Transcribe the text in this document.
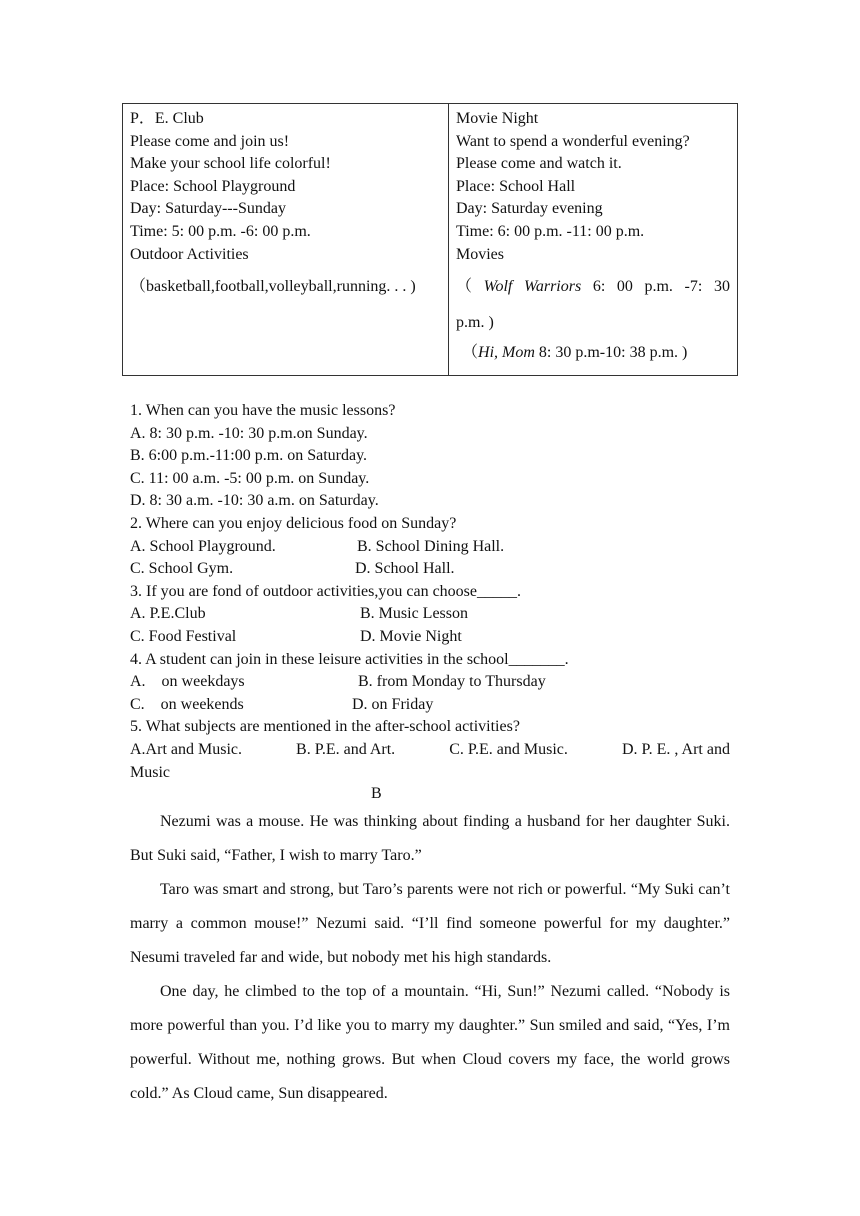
P．E. Club
Please come and join us!
Make your school life colorful!
Place: School Playground
Day: Saturday---Sunday
Time: 5: 00 p.m. -6: 00 p.m.
Outdoor Activities
（basketball,football,volleyball,running. . . )

Movie Night
Want to spend a wonderful evening?
Please come and watch it.
Place: School Hall
Day: Saturday evening
Time: 6: 00 p.m. -11: 00 p.m.
Movies
（ Wolf Warriors 6: 00 p.m. -7: 30
p.m. )
（Hi, Mom 8: 30 p.m-10: 38 p.m. )
1. When can you have the music lessons?
A. 8: 30 p.m. -10: 30 p.m.on Sunday.
B. 6:00 p.m.-11:00 p.m. on Saturday.
C. 11: 00 a.m. -5: 00 p.m. on Sunday.
D. 8: 30 a.m. -10: 30 a.m. on Saturday.
2. Where can you enjoy delicious food on Sunday?
A. School Playground.	B. School Dining Hall.
C. School Gym.	D. School Hall.
3. If you are fond of outdoor activities,you can choose_____.
A. P.E.Club	B. Music Lesson
C. Food Festival	D. Movie Night
4. A student can join in these leisure activities in the school_______.
A.　on weekdays	B. from Monday to Thursday
C.　on weekends	D. on Friday
5. What subjects are mentioned in the after-school activities?
A.Art and Music.	B. P.E. and Art.	C. P.E. and Music.	D. P. E. , Art and
Music
B

Nezumi was a mouse. He was thinking about finding a husband for her daughter Suki. But Suki said, “Father, I wish to marry Taro.”

Taro was smart and strong, but Taro’s parents were not rich or powerful. “My Suki can’t marry a common mouse!” Nezumi said. “I’ll find someone powerful for my daughter.” Nesumi traveled far and wide, but nobody met his high standards.

One day, he climbed to the top of a mountain. “Hi, Sun!” Nezumi called. “Nobody is more powerful than you. I’d like you to marry my daughter.” Sun smiled and said, “Yes, I’m powerful. Without me, nothing grows. But when Cloud covers my face, the world grows cold.” As Cloud came, Sun disappeared.
